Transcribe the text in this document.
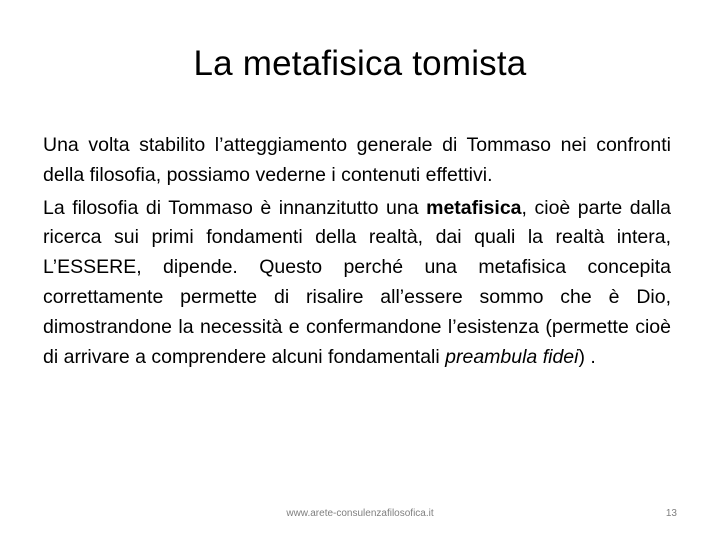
La metafisica tomista

Una volta stabilito l’atteggiamento generale di Tommaso nei confronti della filosofia, possiamo vederne i contenuti effettivi.

La filosofia di Tommaso è innanzitutto una metafisica, cioè parte dalla ricerca sui primi fondamenti della realtà, dai quali la realtà intera, L’ESSERE, dipende. Questo perché una metafisica concepita correttamente permette di risalire all’essere sommo che è Dio, dimostrandone la necessità e confermandone l’esistenza (permette cioè di arrivare a comprendere alcuni fondamentali preambula fidei) .

www.arete-consulenzafilosofica.it	13
